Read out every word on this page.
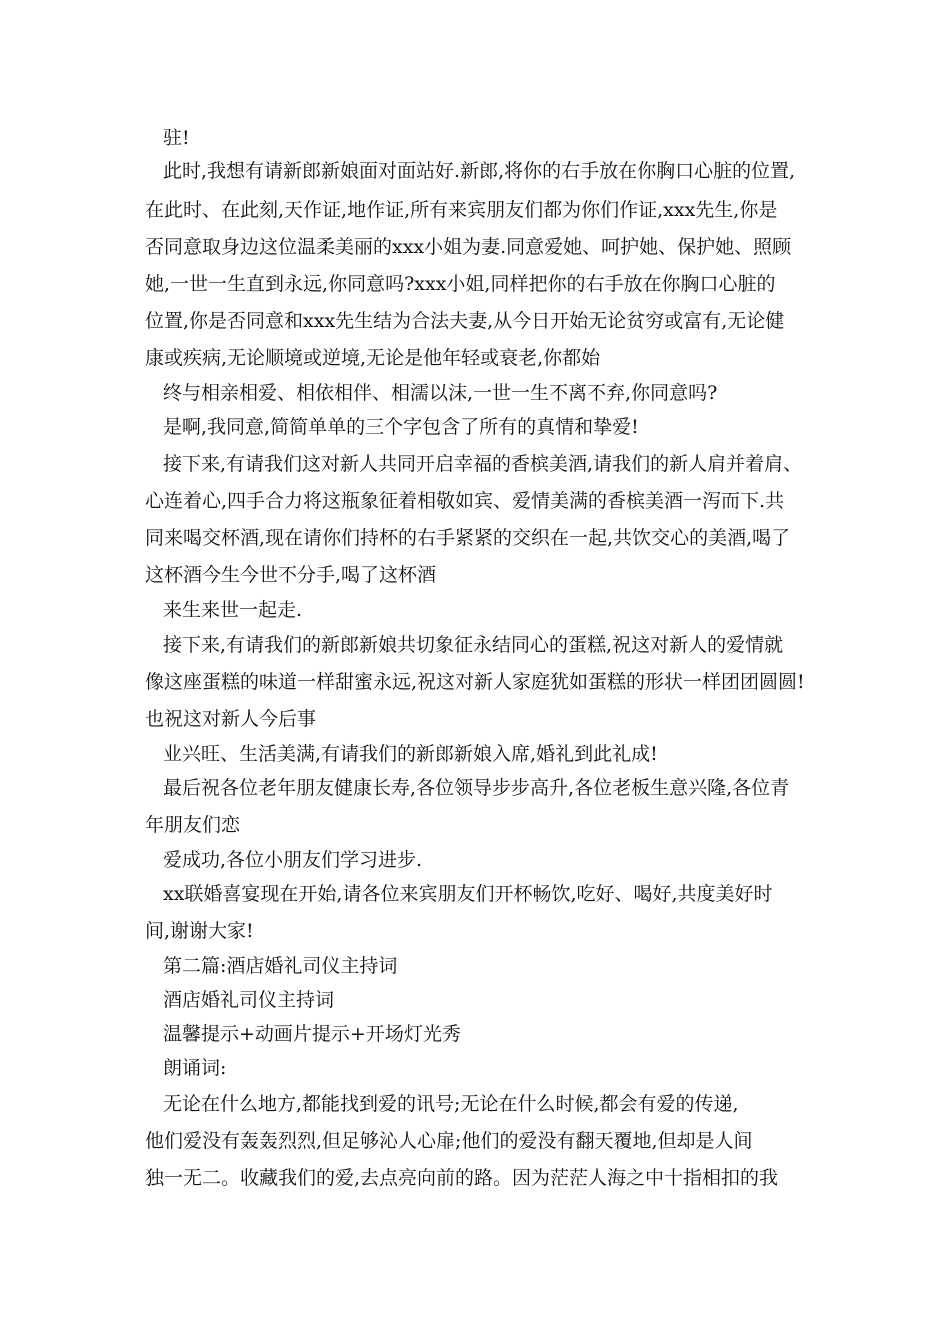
驻!
此时,我想有请新郎新娘面对面站好.新郎,将你的右手放在你胸口心脏的位置,
在此时、在此刻,天作证,地作证,所有来宾朋友们都为你们作证,xxx先生,你是
否同意取身边这位温柔美丽的xxx小姐为妻.同意爱她、呵护她、保护她、照顾
她,一世一生直到永远,你同意吗?xxx小姐,同样把你的右手放在你胸口心脏的
位置,你是否同意和xxx先生结为合法夫妻,从今日开始无论贫穷或富有,无论健
康或疾病,无论顺境或逆境,无论是他年轻或衰老,你都始
终与相亲相爱、相依相伴、相濡以沫,一世一生不离不弃,你同意吗?
是啊,我同意,简简单单的三个字包含了所有的真情和挚爱!
接下来,有请我们这对新人共同开启幸福的香槟美酒,请我们的新人肩并着肩、
心连着心,四手合力将这瓶象征着相敬如宾、爱情美满的香槟美酒一泻而下.共
同来喝交杯酒,现在请你们持杯的右手紧紧的交织在一起,共饮交心的美酒,喝了
这杯酒今生今世不分手,喝了这杯酒
来生来世一起走.
接下来,有请我们的新郎新娘共切象征永结同心的蛋糕,祝这对新人的爱情就
像这座蛋糕的味道一样甜蜜永远,祝这对新人家庭犹如蛋糕的形状一样团团圆圆!
也祝这对新人今后事
业兴旺、生活美满,有请我们的新郎新娘入席,婚礼到此礼成!
最后祝各位老年朋友健康长寿,各位领导步步高升,各位老板生意兴隆,各位青
年朋友们恋
爱成功,各位小朋友们学习进步.
xx联婚喜宴现在开始,请各位来宾朋友们开杯畅饮,吃好、喝好,共度美好时
间,谢谢大家!
第二篇:酒店婚礼司仪主持词
酒店婚礼司仪主持词
温馨提示+动画片提示+开场灯光秀
朗诵词:
无论在什么地方,都能找到爱的讯号;无论在什么时候,都会有爱的传递,
他们爱没有轰轰烈烈,但足够沁人心扉;他们的爱没有翻天覆地,但却是人间
独一无二。收藏我们的爱,去点亮向前的路。因为茫茫人海之中十指相扣的我
